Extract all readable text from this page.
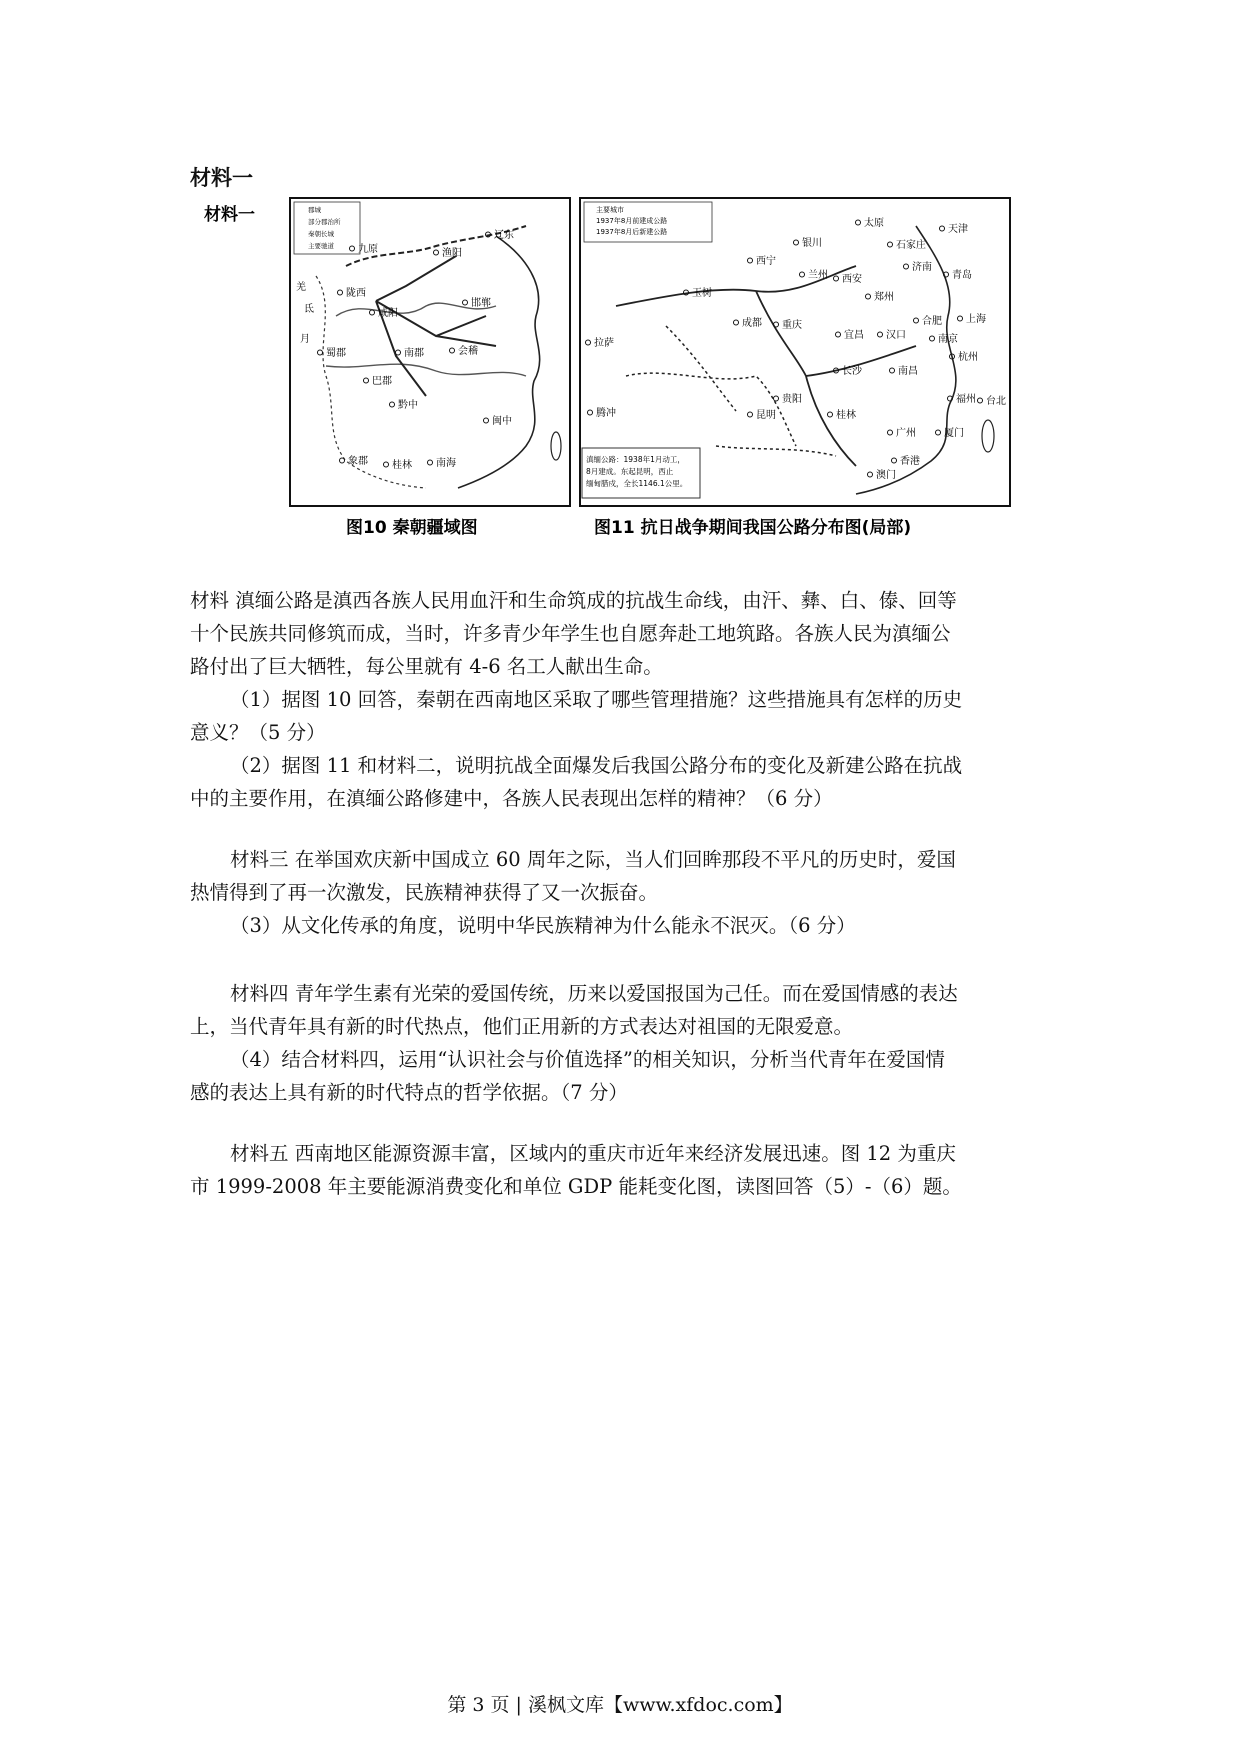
材料一
材料一	郡城
部分郡治所
秦朝长城
主要驰道 九原	渔阳
辽东
陇西
咸阳
邯郸
蜀郡	南郡	会稽
巴郡
黔中
闽中
象郡 桂林 南海
羌
氐
月
主要城市
1937年8月前建成公路
1937年8月后新建公路
滇缅公路：1938年1月动工，
8月建成。东起昆明，西止
缅甸腊戍，全长1146.1公里。
太原
银川	石家庄
天津
济南
青岛
西宁
兰州 西安
郑州
玉树
成都 重庆
宜昌 汉口
合肥
南京
上海
杭州
拉萨
贵阳
长沙	南昌
昆明	桂林
福州
腾冲
广州	厦门
香港
澳门
台北
图10 秦朝疆域图	图11 抗日战争期间我国公路分布图(局部)
材料 滇缅公路是滇西各族人民用血汗和生命筑成的抗战生命线，由汗、彝、白、傣、回等
十个民族共同修筑而成，当时，许多青少年学生也自愿奔赴工地筑路。各族人民为滇缅公
路付出了巨大牺牲，每公里就有 4-6 名工人献出生命。
（1）据图 10 回答，秦朝在西南地区采取了哪些管理措施？这些措施具有怎样的历史
意义？（5 分）
（2）据图 11 和材料二，说明抗战全面爆发后我国公路分布的变化及新建公路在抗战
中的主要作用，在滇缅公路修建中，各族人民表现出怎样的精神？（6 分）
材料三 在举国欢庆新中国成立 60 周年之际，当人们回眸那段不平凡的历史时，爱国
热情得到了再一次激发，民族精神获得了又一次振奋。
（3）从文化传承的角度，说明中华民族精神为什么能永不泯灭。（6 分）
材料四 青年学生素有光荣的爱国传统，历来以爱国报国为己任。而在爱国情感的表达
上，当代青年具有新的时代热点，他们正用新的方式表达对祖国的无限爱意。
（4）结合材料四，运用“认识社会与价值选择”的相关知识，分析当代青年在爱国情
感的表达上具有新的时代特点的哲学依据。（7 分）
材料五 西南地区能源资源丰富，区域内的重庆市近年来经济发展迅速。图 12 为重庆
市 1999-2008 年主要能源消费变化和单位 GDP 能耗变化图，读图回答（5）-（6）题。
第 3 页 | 溪枫文库【www.xfdoc.com】
